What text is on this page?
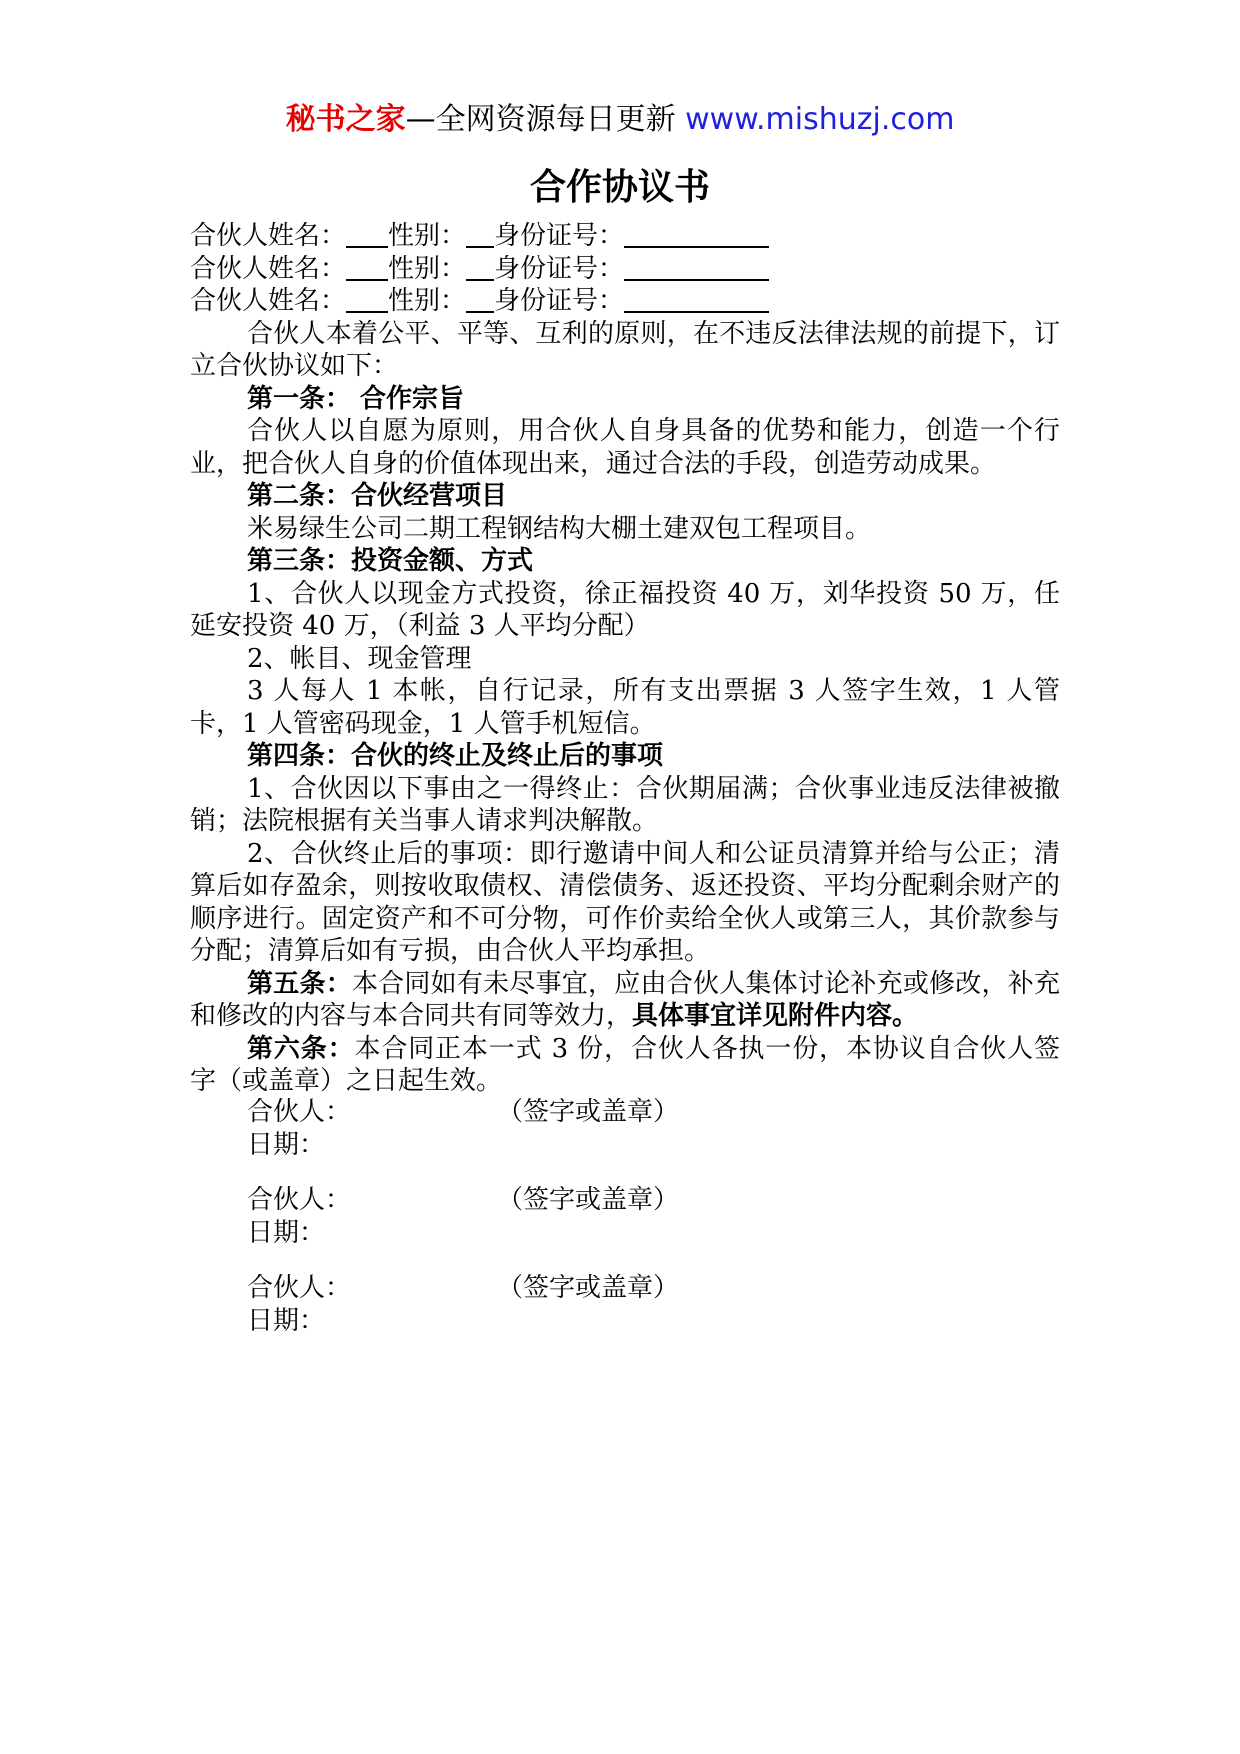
秘书之家—全网资源每日更新 www.mishuzj.com
合作协议书
合伙人姓名： 性别： 身份证号：
合伙人姓名： 性别： 身份证号：
合伙人姓名： 性别： 身份证号：

合伙人本着公平、平等、互利的原则，在不违反法律法规的前提下，订立合伙协议如下：

第一条： 合作宗旨

合伙人以自愿为原则，用合伙人自身具备的优势和能力，创造一个行业，把合伙人自身的价值体现出来，通过合法的手段，创造劳动成果。

第二条：合伙经营项目

米易绿生公司二期工程钢结构大棚土建双包工程项目。

第三条：投资金额、方式

1、合伙人以现金方式投资，徐正福投资 40 万，刘华投资 50 万，任延安投资 40 万，（利益 3 人平均分配）

2、帐目、现金管理

3 人每人 1 本帐，自行记录，所有支出票据 3 人签字生效，1 人管卡，1 人管密码现金，1 人管手机短信。

第四条：合伙的终止及终止后的事项

1、合伙因以下事由之一得终止：合伙期届满；合伙事业违反法律被撤销；法院根据有关当事人请求判决解散。

2、合伙终止后的事项：即行邀请中间人和公证员清算并给与公正；清算后如存盈余，则按收取债权、清偿债务、返还投资、平均分配剩余财产的顺序进行。固定资产和不可分物，可作价卖给全伙人或第三人，其价款参与分配；清算后如有亏损，由合伙人平均承担。

第五条：本合同如有未尽事宜，应由合伙人集体讨论补充或修改，补充和修改的内容与本合同共有同等效力，具体事宜详见附件内容。

第六条：本合同正本一式 3 份，合伙人各执一份，本协议自合伙人签字（或盖章）之日起生效。

合伙人：	（签字或盖章）
日期：
合伙人：	（签字或盖章）
日期：
合伙人：	（签字或盖章）
日期：
